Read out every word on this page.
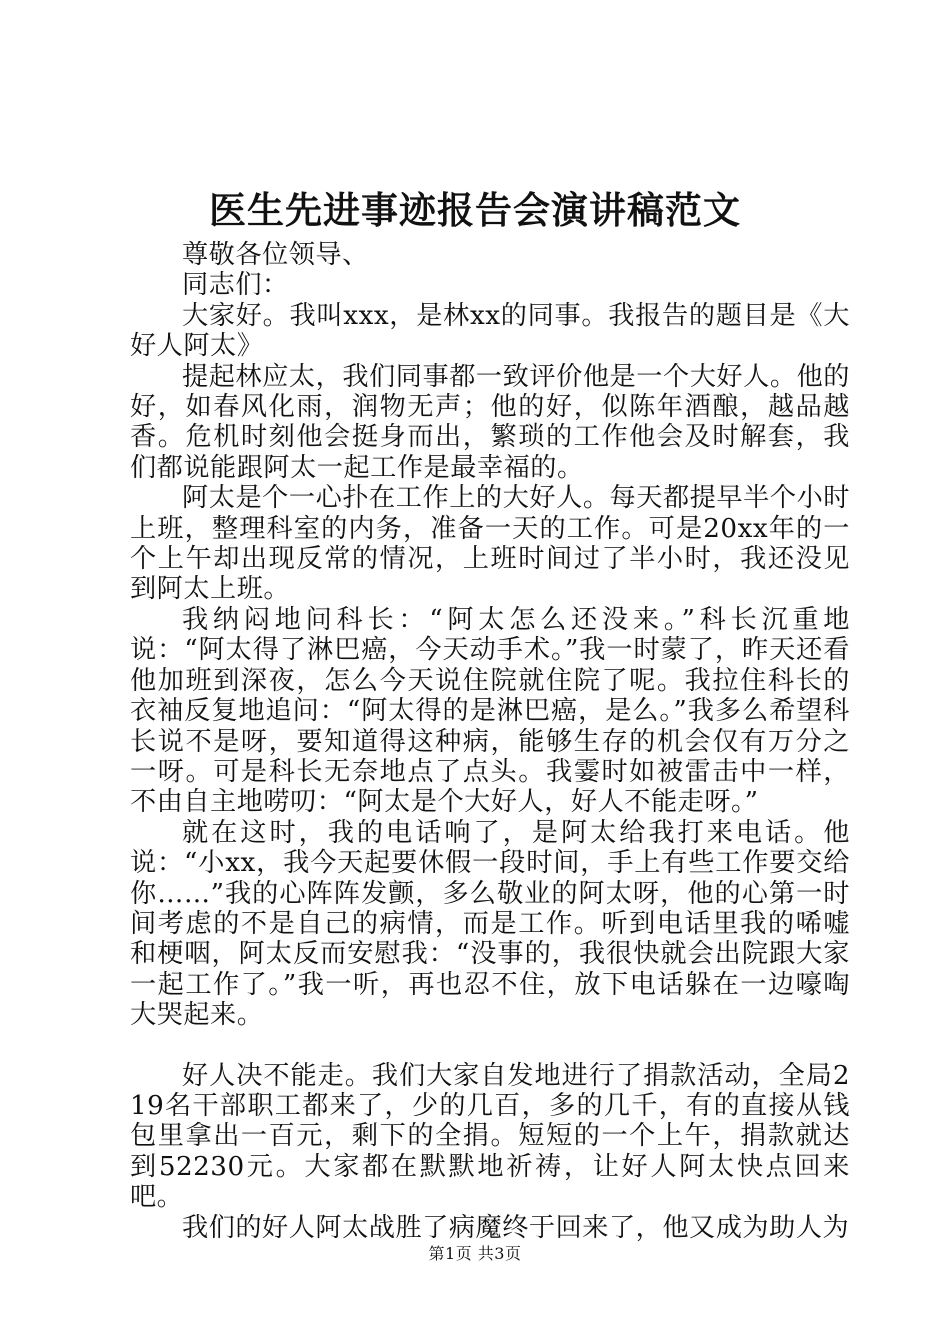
医生先进事迹报告会演讲稿范文

尊敬各位领导、

同志们：

大家好。我叫xxx，是林xx的同事。我报告的题目是《大好人阿太》

提起林应太，我们同事都一致评价他是一个大好人。他的好，如春风化雨，润物无声；他的好，似陈年酒酿，越品越香。危机时刻他会挺身而出，繁琐的工作他会及时解套，我们都说能跟阿太一起工作是最幸福的。

阿太是个一心扑在工作上的大好人。每天都提早半个小时上班，整理科室的内务，准备一天的工作。可是20xx年的一个上午却出现反常的情况，上班时间过了半小时，我还没见到阿太上班。

我纳闷地问科长：“阿太怎么还没来。”科长沉重地说：“阿太得了淋巴癌，今天动手术。”我一时蒙了，昨天还看他加班到深夜，怎么今天说住院就住院了呢。我拉住科长的衣袖反复地追问：“阿太得的是淋巴癌，是么。”我多么希望科长说不是呀，要知道得这种病，能够生存的机会仅有万分之一呀。可是科长无奈地点了点头。我霎时如被雷击中一样，不由自主地唠叨：“阿太是个大好人，好人不能走呀。”

就在这时，我的电话响了，是阿太给我打来电话。他说：“小xx，我今天起要休假一段时间，手上有些工作要交给你……”我的心阵阵发颤，多么敬业的阿太呀，他的心第一时间考虑的不是自己的病情，而是工作。听到电话里我的唏嘘和梗咽，阿太反而安慰我：“没事的，我很快就会出院跟大家一起工作了。”我一听，再也忍不住，放下电话躲在一边嚎啕大哭起来。

好人决不能走。我们大家自发地进行了捐款活动，全局219名干部职工都来了，少的几百，多的几千，有的直接从钱包里拿出一百元，剩下的全捐。短短的一个上午，捐款就达到52230元。大家都在默默地祈祷，让好人阿太快点回来吧。

我们的好人阿太战胜了病魔终于回来了，他又成为助人为

第1页 共3页
